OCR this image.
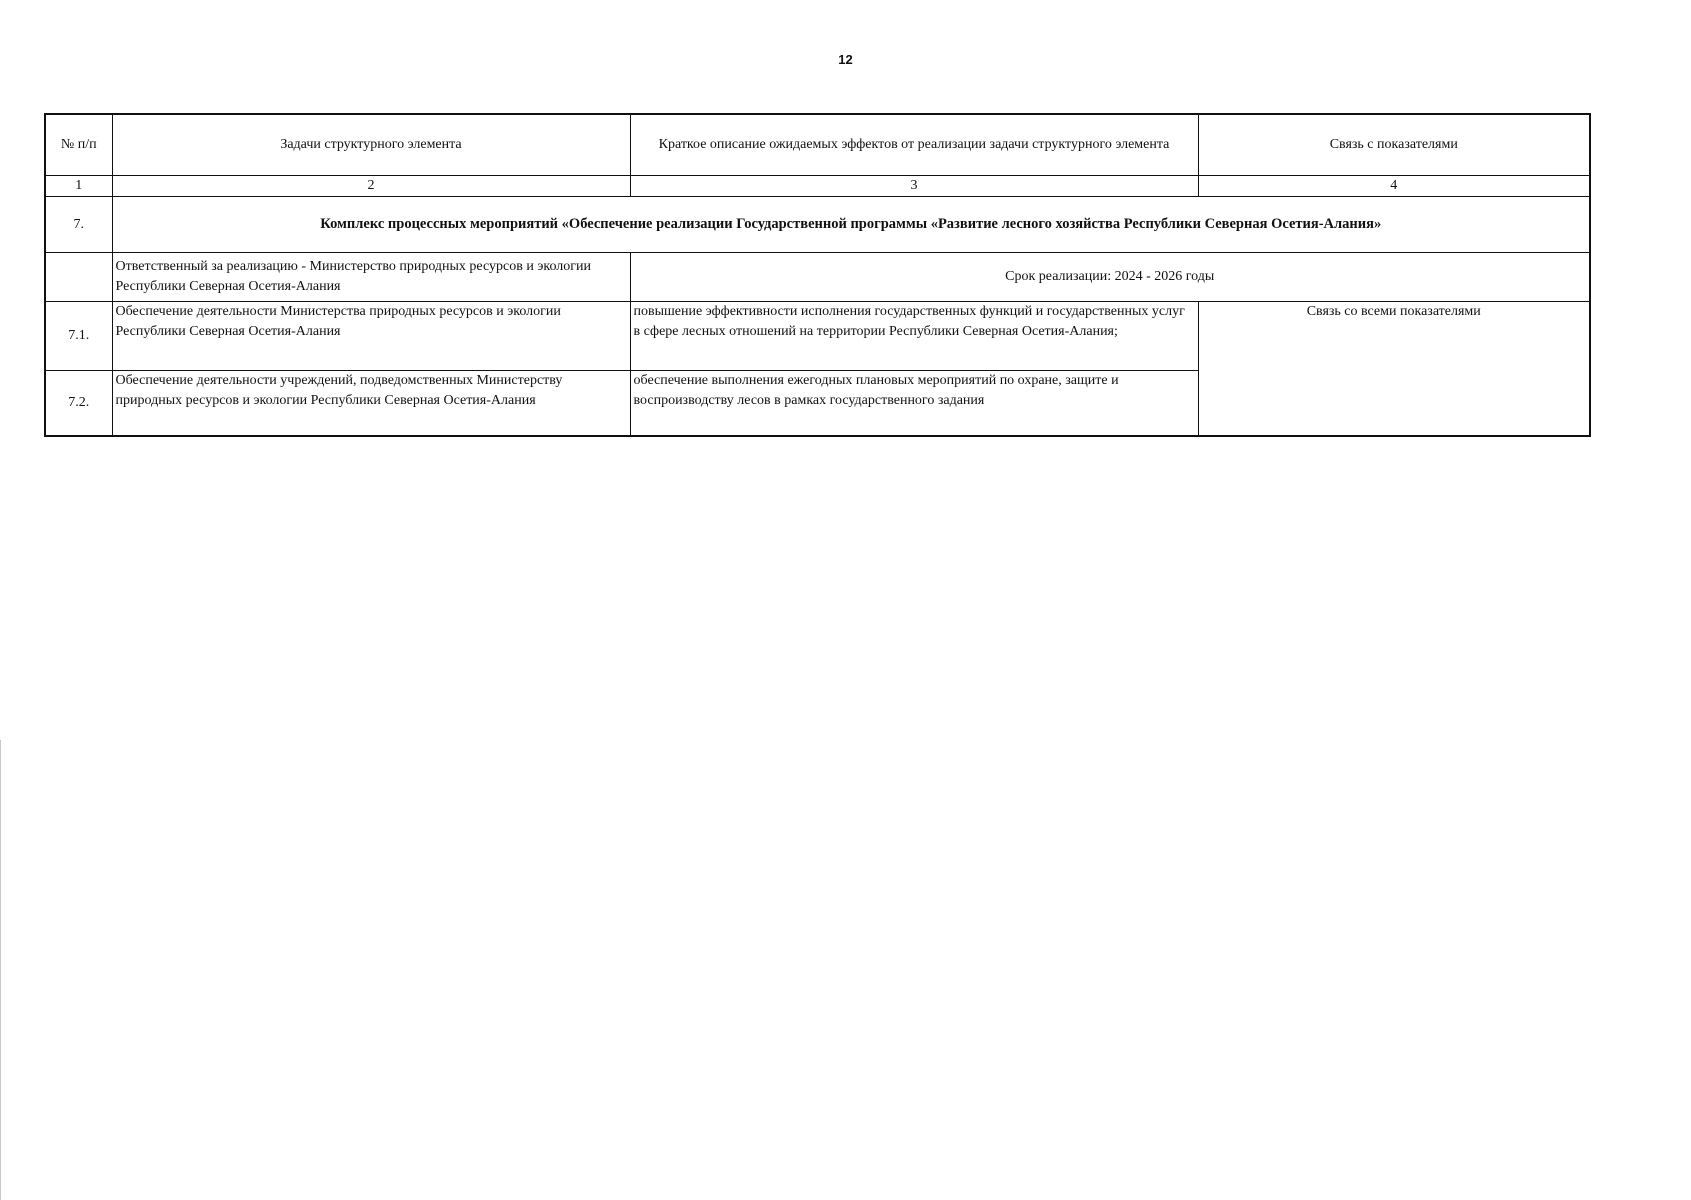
12
№ п/п	Задачи структурного элемента	Краткое описание ожидаемых эффектов от реализации задачи структурного элемента	Связь с показателями
1	2	3	4
7.	Комплекс процессных мероприятий «Обеспечение реализации Государственной программы «Развитие лесного хозяйства Республики Северная Осетия-Алания»		
	Ответственный за реализацию - Министерство природных ресурсов и экологии Республики Северная Осетия-Алания	Срок реализации: 2024 - 2026 годы	
7.1.	Обеспечение деятельности Министерства природных ресурсов и экологии Республики Северная Осетия-Алания	повышение эффективности исполнения государственных функций и государственных услуг в сфере лесных отношений на территории Республики Северная Осетия-Алания;	Связь со всеми показателями
7.2.	Обеспечение деятельности учреждений, подведомственных Министерству природных ресурсов и экологии Республики Северная Осетия-Алания	обеспечение выполнения ежегодных плановых мероприятий по охране, защите и воспроизводству лесов в рамках государственного задания	
